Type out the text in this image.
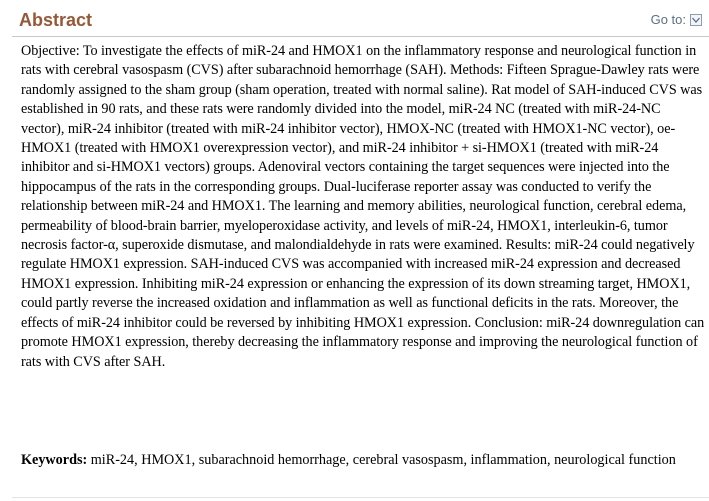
Abstract	Go to:

Objective: To investigate the effects of miR-24 and HMOX1 on the inflammatory response and neurological function in rats with cerebral vasospasm (CVS) after subarachnoid hemorrhage (SAH). Methods: Fifteen Sprague-Dawley rats were randomly assigned to the sham group (sham operation, treated with normal saline). Rat model of SAH-induced CVS was established in 90 rats, and these rats were randomly divided into the model, miR-24 NC (treated with miR-24-NC vector), miR-24 inhibitor (treated with miR-24 inhibitor vector), HMOX-NC (treated with HMOX1-NC vector), oe-HMOX1 (treated with HMOX1 overexpression vector), and miR-24 inhibitor + si-HMOX1 (treated with miR-24 inhibitor and si-HMOX1 vectors) groups. Adenoviral vectors containing the target sequences were injected into the hippocampus of the rats in the corresponding groups. Dual-luciferase reporter assay was conducted to verify the relationship between miR-24 and HMOX1. The learning and memory abilities, neurological function, cerebral edema, permeability of blood-brain barrier, myeloperoxidase activity, and levels of miR-24, HMOX1, interleukin-6, tumor necrosis factor-α, superoxide dismutase, and malondialdehyde in rats were examined. Results: miR-24 could negatively regulate HMOX1 expression. SAH-induced CVS was accompanied with increased miR-24 expression and decreased HMOX1 expression. Inhibiting miR-24 expression or enhancing the expression of its down streaming target, HMOX1, could partly reverse the increased oxidation and inflammation as well as functional deficits in the rats. Moreover, the effects of miR-24 inhibitor could be reversed by inhibiting HMOX1 expression. Conclusion: miR-24 downregulation can promote HMOX1 expression, thereby decreasing the inflammatory response and improving the neurological function of rats with CVS after SAH.

Keywords: miR-24, HMOX1, subarachnoid hemorrhage, cerebral vasospasm, inflammation, neurological function
